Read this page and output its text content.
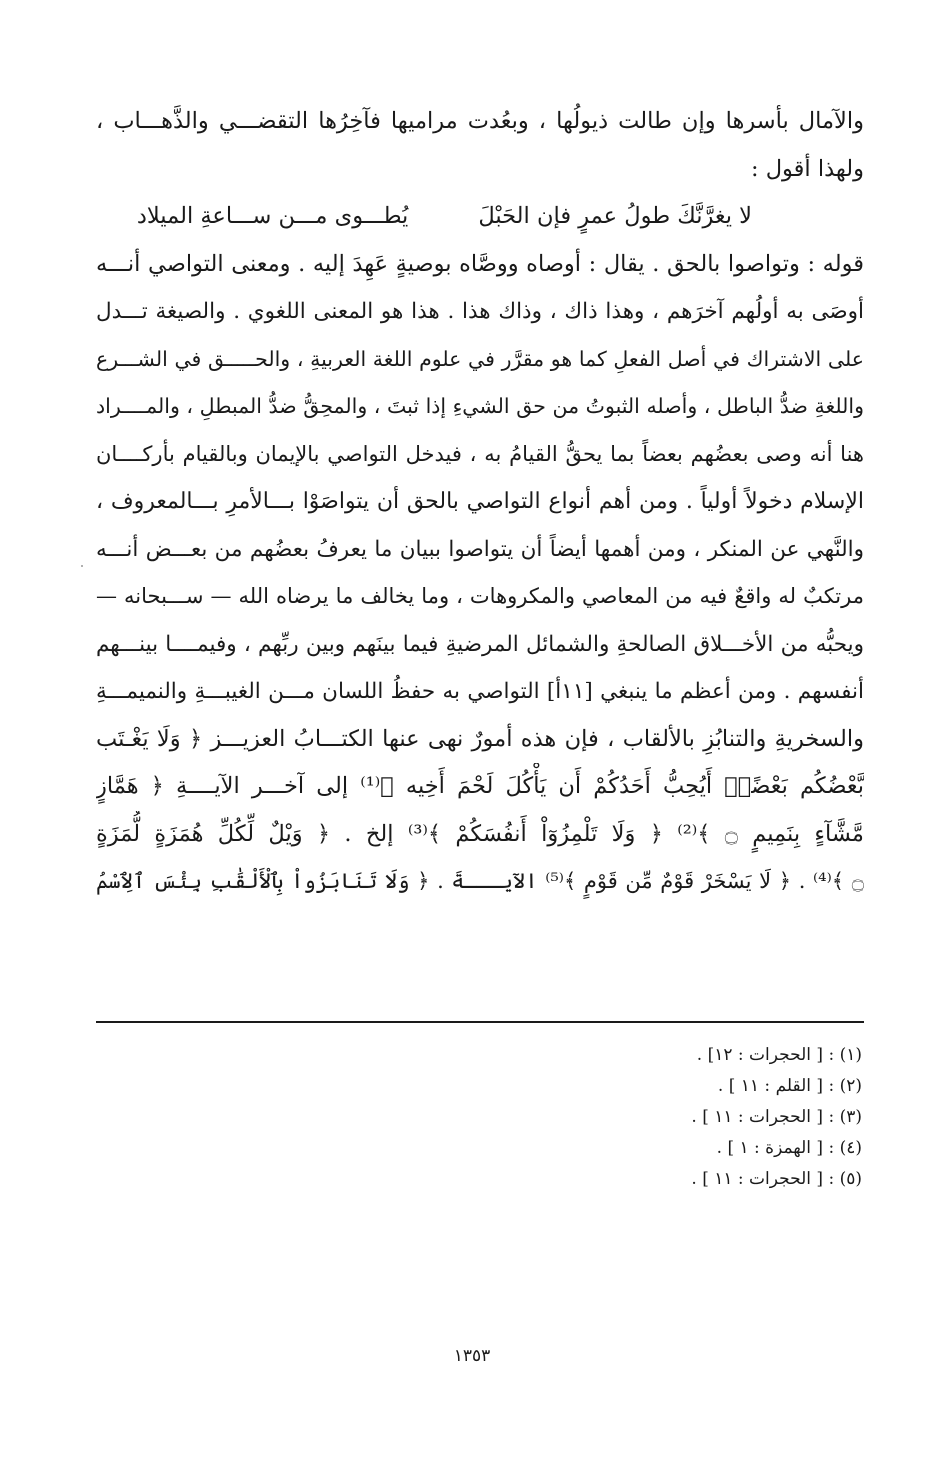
والآمال بأسرها وإن طالت ذيولُها ، وبعُدت مراميها فآخِرُها التقضـــي والذَّهـــاب ،
ولهذا أقول :
لا يغرَّنَّكَ طولُ عمرٍ فإن الحَبْلَ
يُطـــوى مـــن ســـاعةِ الميلاد
قوله : وتواصوا بالحق . يقال : أوصاه ووصَّاه بوصيةٍ عَهِدَ إليه . ومعنى التواصي أنـــه
أوصَى به أولُهم آخرَهم ، وهذا ذاك ، وذاك هذا . هذا هو المعنى اللغوي . والصيغة تـــدل
على الاشتراك في أصل الفعلِ كما هو مقرَّر في علوم اللغة العربيةِ ، والحـــــق في الشـــرع
واللغةِ ضدُّ الباطل ، وأصله الثبوتُ من حق الشيءِ إذا ثبتَ ، والمحِقُّ ضدُّ المبطلِ ، والمــــراد
هنا أنه وصى بعضُهم بعضاً بما يحقُّ القيامُ به ، فيدخل التواصي بالإيمان وبالقيام بأركــــان
الإسلام دخولاً أولياً . ومن أهم أنواع التواصي بالحق أن يتواصَوْا بـــالأمرِ بـــالمعروف ،
والنَّهي عن المنكر ، ومن أهمها أيضاً أن يتواصوا ببيان ما يعرفُ بعضُهم من بعـــض أنـــه
مرتكبٌ له واقعٌ فيه من المعاصي والمكروهات ، وما يخالف ما يرضاه الله — ســـبحانه —
ويحبُّه من الأخـــلاق الصالحةِ والشمائل المرضيةِ فيما بينَهم وبين ربِّهم ، وفيمــــا بينـــهم
أنفسهم . ومن أعظم ما ينبغي [١١أ] التواصي به حفظُ اللسان مـــن الغيبـــةِ والنميمـــةِ
والسخريةِ والتنابُزِ بالألقاب ، فإن هذه أمورٌ نهى عنها الكتـــابُ العزيـــز ﴿ وَلَا يَغْـتَب
بَّعْضُكُم بَعْضًاۚ أَيُحِبُّ أَحَدُكُمْ أَن يَأْكُلَ لَحْمَ أَخِيه ﴾⁽¹⁾ إلى آخـــر الآيــــةِ ﴿ هَمَّازٍ
مَّشَّآءٍ بِنَمِيمٍ ۝ ﴾⁽²⁾ ﴿ وَلَا تَلْمِزُوٓاْ أَنفُسَكُمْ ﴾⁽³⁾ إلخ . ﴿ وَيْلٌ لِّكُلِّ هُمَزَةٍ لُّمَزَةٍ
۝ ﴾⁽⁴⁾ . ﴿ لَا يَسْخَرْ قَوْمٌ مِّن قَوْمٍ ﴾⁽⁵⁾ الآيـــةَ . ﴿ وَلَا تَنَابَزُواْ بِٱلْأَلْقَٰبِ بِئْسَ ٱلِٱسْمُ
(١) : [ الحجرات : ١٢] .
(٢) : [ القلم : ١١ ] .
(٣) : [ الحجرات : ١١ ] .
(٤) : [ الهمزة : ١ ] .
(٥) : [ الحجرات : ١١ ] .
١٣٥٣
